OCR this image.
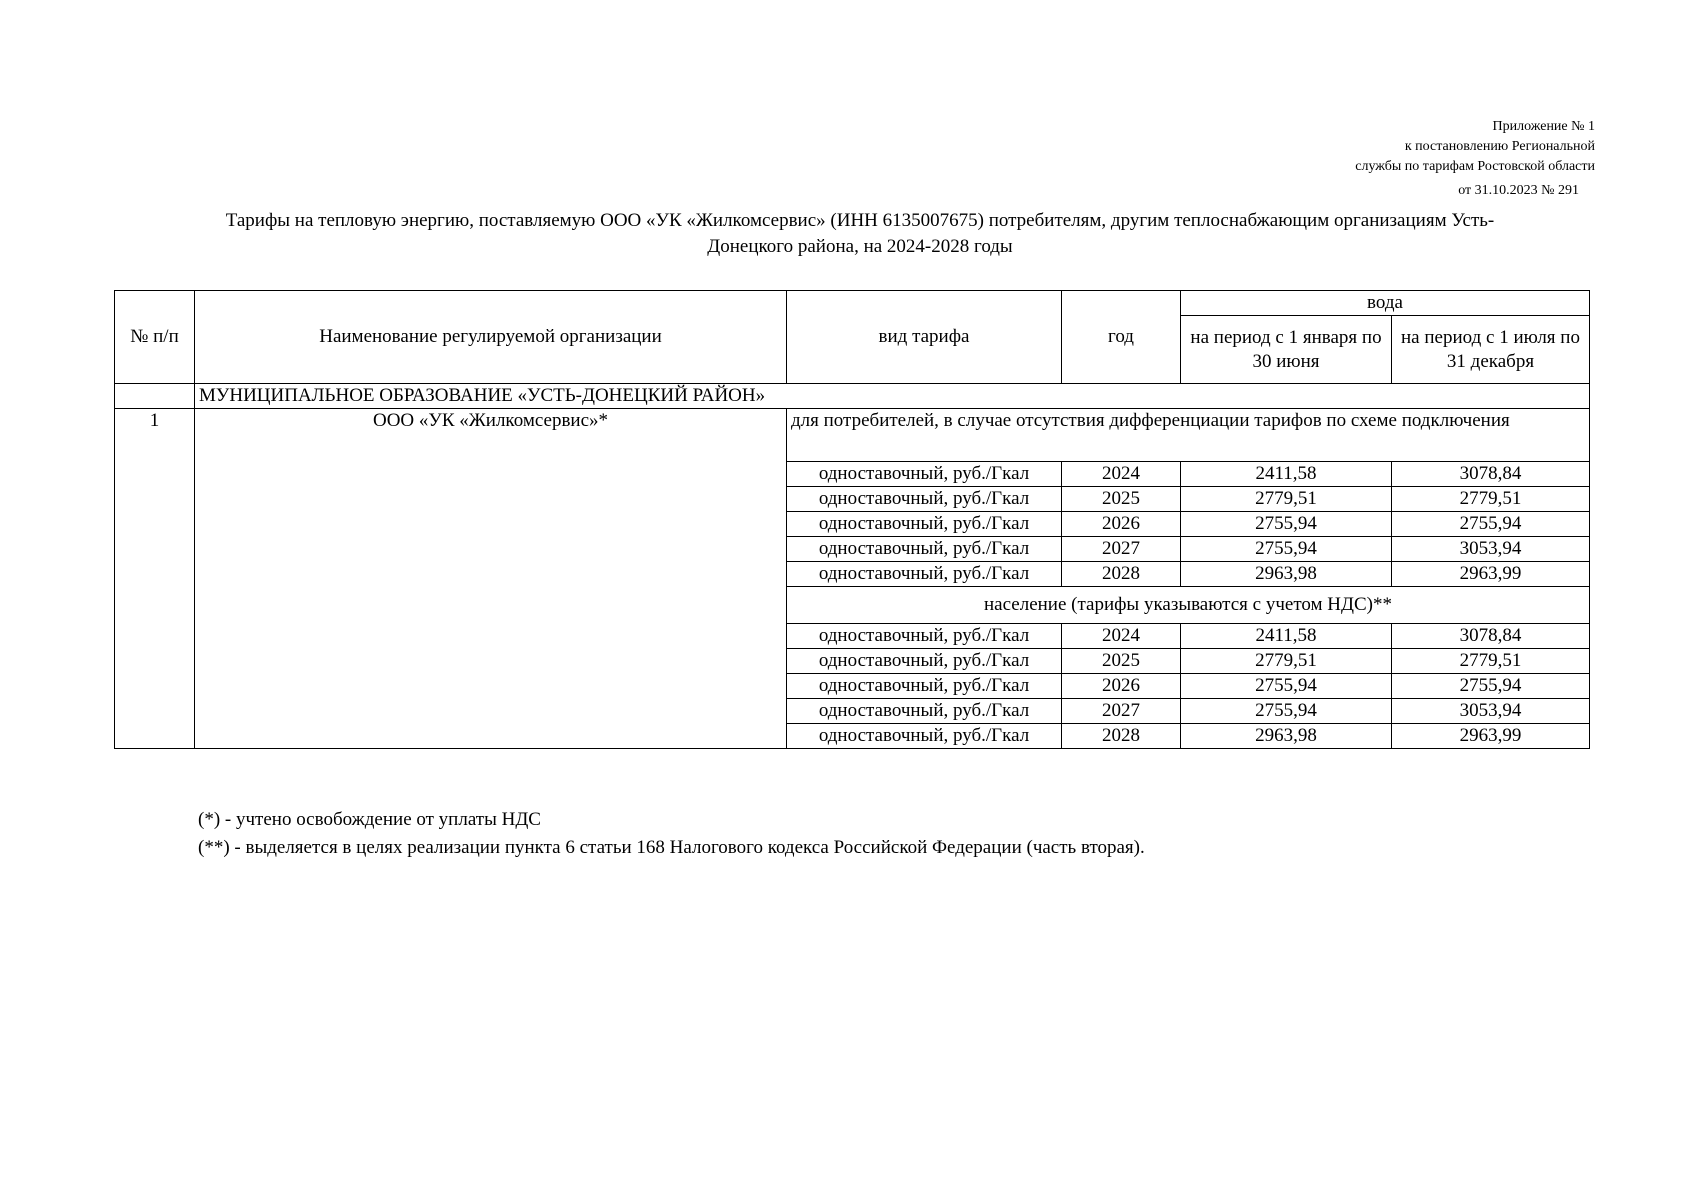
Приложение № 1
к постановлению Региональной
службы по тарифам Ростовской области
от 31.10.2023 № 291
Тарифы на тепловую энергию, поставляемую ООО «УК «Жилкомсервис» (ИНН 6135007675) потребителям, другим теплоснабжающим организациям Усть-
Донецкого района, на 2024-2028 годы
№ п/п	Наименование регулируемой организации	вид тарифа	год	вода	
				на период с 1 января по 30 июня	на период с 1 июля по 31 декабря
	МУНИЦИПАЛЬНОЕ ОБРАЗОВАНИЕ «УСТЬ-ДОНЕЦКИЙ РАЙОН»				
1	ООО «УК «Жилкомсервис»*	для потребителей, в случае отсутствия дифференциации тарифов по схеме подключения			
		одноставочный, руб./Гкал	2024	2411,58	3078,84
		одноставочный, руб./Гкал	2025	2779,51	2779,51
		одноставочный, руб./Гкал	2026	2755,94	2755,94
		одноставочный, руб./Гкал	2027	2755,94	3053,94
		одноставочный, руб./Гкал	2028	2963,98	2963,99
		население (тарифы указываются с учетом НДС)**			
		одноставочный, руб./Гкал	2024	2411,58	3078,84
		одноставочный, руб./Гкал	2025	2779,51	2779,51
		одноставочный, руб./Гкал	2026	2755,94	2755,94
		одноставочный, руб./Гкал	2027	2755,94	3053,94
		одноставочный, руб./Гкал	2028	2963,98	2963,99
(*) - учтено освобождение от уплаты НДС
(**) - выделяется в целях реализации пункта 6 статьи 168 Налогового кодекса Российской Федерации (часть вторая).
